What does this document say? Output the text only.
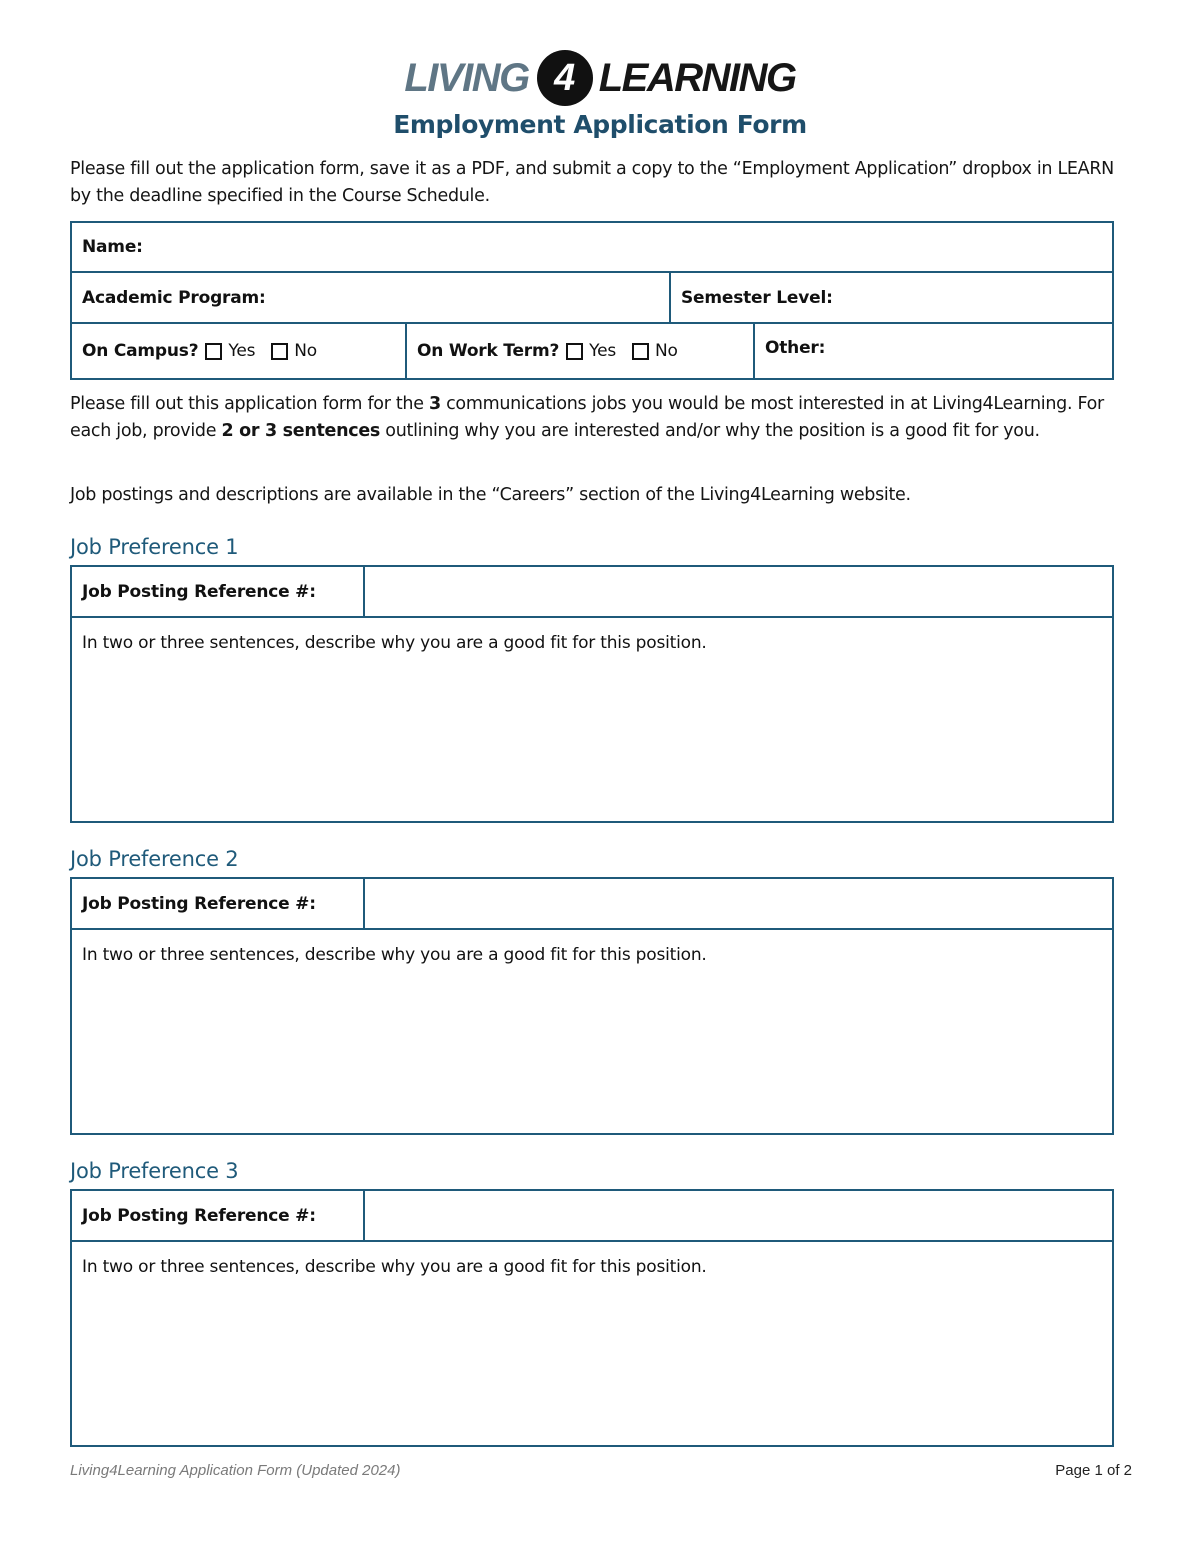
LIVING 4 LEARNING
Employment Application Form
Please fill out the application form, save it as a PDF, and submit a copy to the “Employment Application” dropbox in LEARN by the deadline specified in the Course Schedule.
Name:
Academic Program:	Semester Level:
On Campus? Yes No	On Work Term? Yes No	Other:
Please fill out this application form for the 3 communications jobs you would be most interested in at Living4Learning. For each job, provide 2 or 3 sentences outlining why you are interested and/or why the position is a good fit for you.
Job postings and descriptions are available in the “Careers” section of the Living4Learning website.
Job Preference 1
Job Posting Reference #:
In two or three sentences, describe why you are a good fit for this position.
Job Preference 2
Job Posting Reference #:
In two or three sentences, describe why you are a good fit for this position.
Job Preference 3
Job Posting Reference #:
In two or three sentences, describe why you are a good fit for this position.
Living4Learning Application Form (Updated 2024)	Page 1 of 2
